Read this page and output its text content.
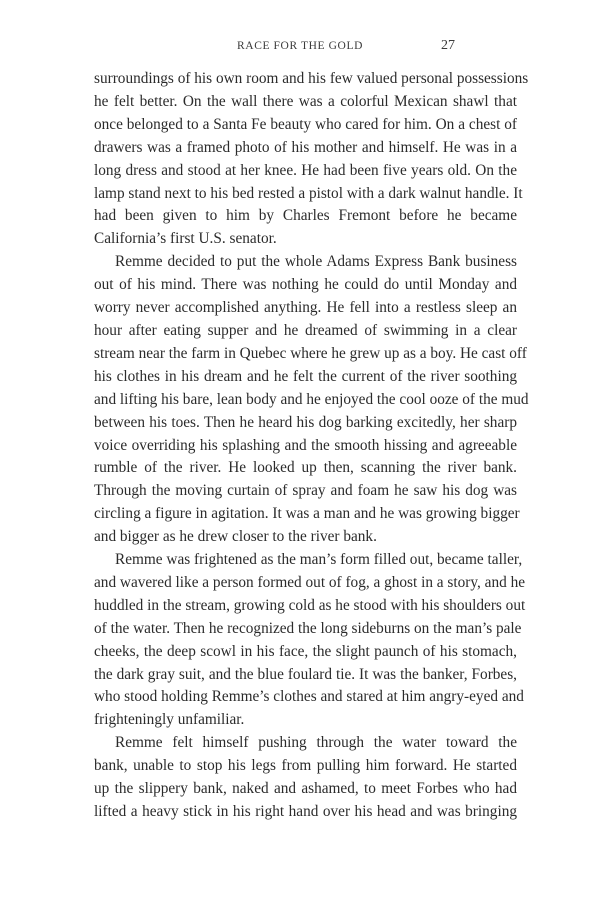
RACE FOR THE GOLD	27
surroundings of his own room and his few valued personal possessions
he felt better. On the wall there was a colorful Mexican shawl that
once belonged to a Santa Fe beauty who cared for him. On a chest of
drawers was a framed photo of his mother and himself. He was in a
long dress and stood at her knee. He had been five years old. On the
lamp stand next to his bed rested a pistol with a dark walnut handle. It
had been given to him by Charles Fremont before he became
California’s first U.S. senator.
Remme decided to put the whole Adams Express Bank business
out of his mind. There was nothing he could do until Monday and
worry never accomplished anything. He fell into a restless sleep an
hour after eating supper and he dreamed of swimming in a clear
stream near the farm in Quebec where he grew up as a boy. He cast off
his clothes in his dream and he felt the current of the river soothing
and lifting his bare, lean body and he enjoyed the cool ooze of the mud
between his toes. Then he heard his dog barking excitedly, her sharp
voice overriding his splashing and the smooth hissing and agreeable
rumble of the river. He looked up then, scanning the river bank.
Through the moving curtain of spray and foam he saw his dog was
circling a figure in agitation. It was a man and he was growing bigger
and bigger as he drew closer to the river bank.
Remme was frightened as the man’s form filled out, became taller,
and wavered like a person formed out of fog, a ghost in a story, and he
huddled in the stream, growing cold as he stood with his shoulders out
of the water. Then he recognized the long sideburns on the man’s pale
cheeks, the deep scowl in his face, the slight paunch of his stomach,
the dark gray suit, and the blue foulard tie. It was the banker, Forbes,
who stood holding Remme’s clothes and stared at him angry-eyed and
frighteningly unfamiliar.
Remme felt himself pushing through the water toward the
bank, unable to stop his legs from pulling him forward. He started
up the slippery bank, naked and ashamed, to meet Forbes who had
lifted a heavy stick in his right hand over his head and was bringing
